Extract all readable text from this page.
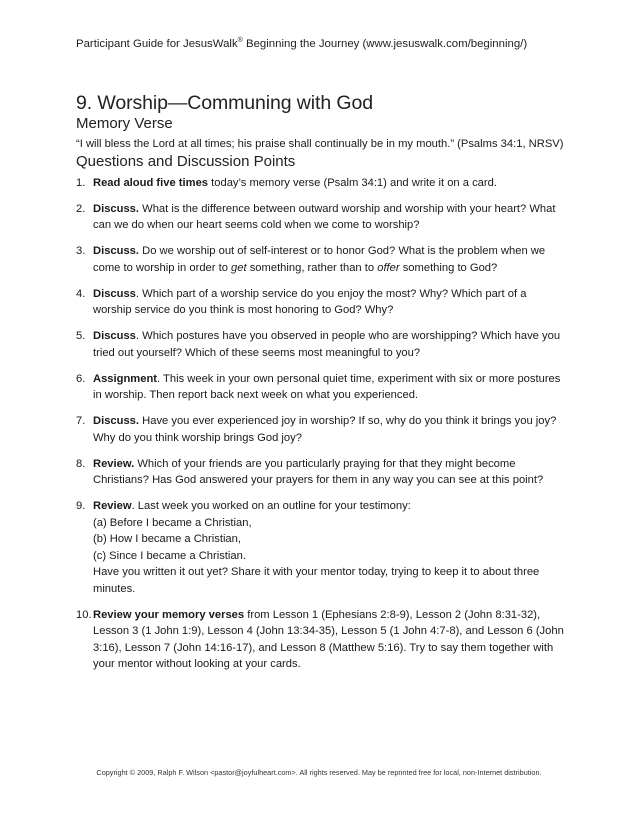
Participant Guide for JesusWalk® Beginning the Journey (www.jesuswalk.com/beginning/)
9. Worship—Communing with God
Memory Verse
“I will bless the Lord at all times; his praise shall continually be in my mouth.” (Psalms 34:1, NRSV)
Questions and Discussion Points
1. Read aloud five times today’s memory verse (Psalm 34:1) and write it on a card.
2. Discuss. What is the difference between outward worship and worship with your heart? What can we do when our heart seems cold when we come to worship?
3. Discuss. Do we worship out of self-interest or to honor God? What is the problem when we come to worship in order to get something, rather than to offer something to God?
4. Discuss. Which part of a worship service do you enjoy the most? Why? Which part of a worship service do you think is most honoring to God? Why?
5. Discuss. Which postures have you observed in people who are worshipping? Which have you tried out yourself? Which of these seems most meaningful to you?
6. Assignment. This week in your own personal quiet time, experiment with six or more postures in worship. Then report back next week on what you experienced.
7. Discuss. Have you ever experienced joy in worship? If so, why do you think it brings you joy? Why do you think worship brings God joy?
8. Review. Which of your friends are you particularly praying for that they might become Christians? Has God answered your prayers for them in any way you can see at this point?
9. Review. Last week you worked on an outline for your testimony:
(a) Before I became a Christian,
(b) How I became a Christian,
(c) Since I became a Christian.
Have you written it out yet? Share it with your mentor today, trying to keep it to about three minutes.
10. Review your memory verses from Lesson 1 (Ephesians 2:8-9), Lesson 2 (John 8:31-32), Lesson 3 (1 John 1:9), Lesson 4 (John 13:34-35), Lesson 5 (1 John 4:7-8), and Lesson 6 (John 3:16), Lesson 7 (John 14:16-17), and Lesson 8 (Matthew 5:16). Try to say them together with your mentor without looking at your cards.
Copyright © 2009, Ralph F. Wilson <pastor@joyfulheart.com>. All rights reserved. May be reprinted free for local, non-Internet distribution.
